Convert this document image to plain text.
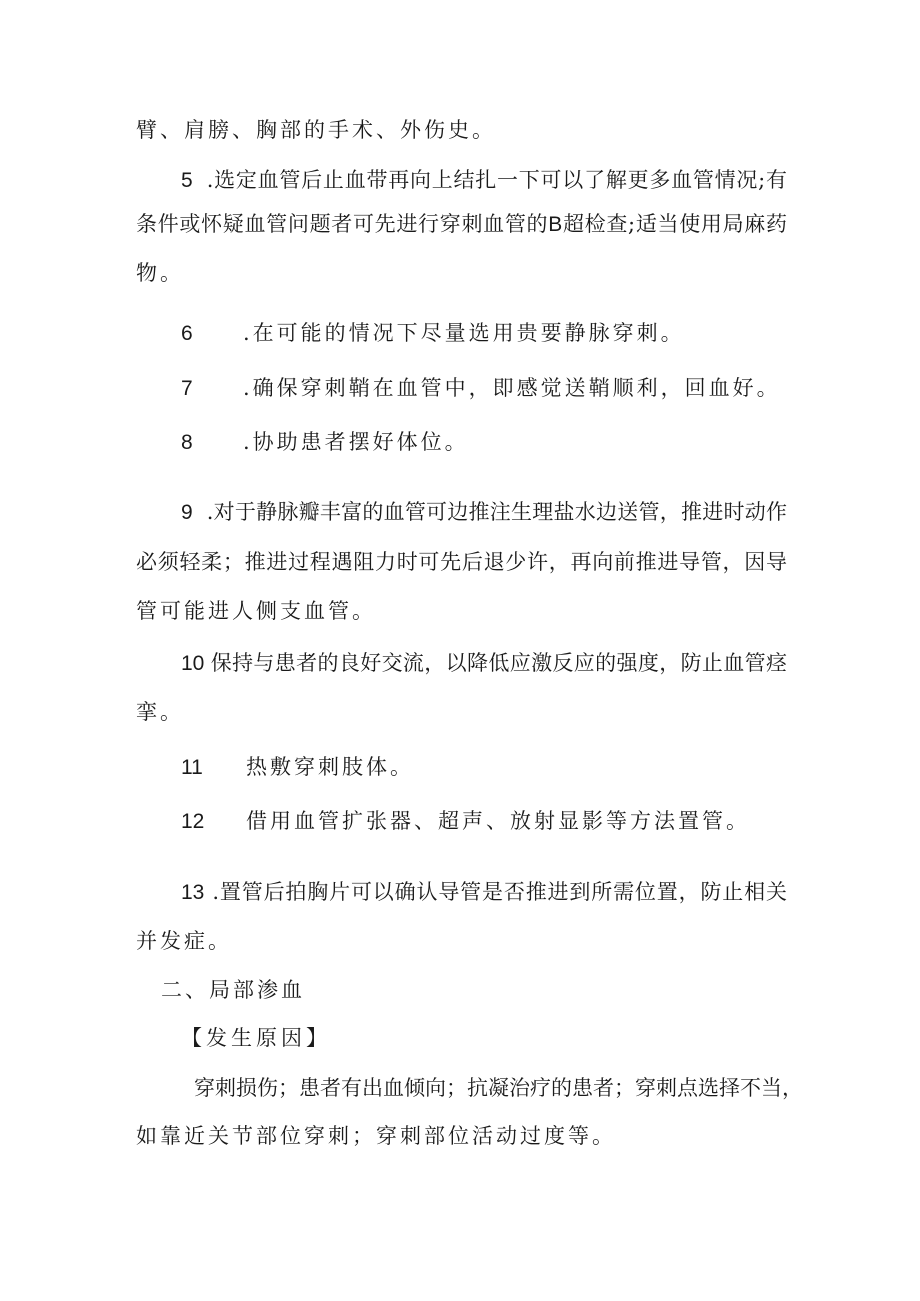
臂、肩膀、胸部的手术、外伤史。
5 .选定血管后止血带再向上结扎一下可以了解更多血管情况;有
条件或怀疑血管问题者可先进行穿刺血管的B超检查;适当使用局麻药
物。
6 .在可能的情况下尽量选用贵要静脉穿刺。
7 .确保穿刺鞘在血管中，即感觉送鞘顺利，回血好。
8 .协助患者摆好体位。
9 .对于静脉瓣丰富的血管可边推注生理盐水边送管，推进时动作
必须轻柔；推进过程遇阻力时可先后退少许，再向前推进导管，因导
管可能进人侧支血管。
10 保持与患者的良好交流，以降低应激反应的强度，防止血管痉
挛。
11 热敷穿刺肢体。
12 借用血管扩张器、超声、放射显影等方法置管。
13 .置管后拍胸片可以确认导管是否推进到所需位置，防止相关
并发症。
二、局部渗血
【发生原因】
穿刺损伤；患者有出血倾向；抗凝治疗的患者；穿刺点选择不当，
如靠近关节部位穿刺；穿刺部位活动过度等。
